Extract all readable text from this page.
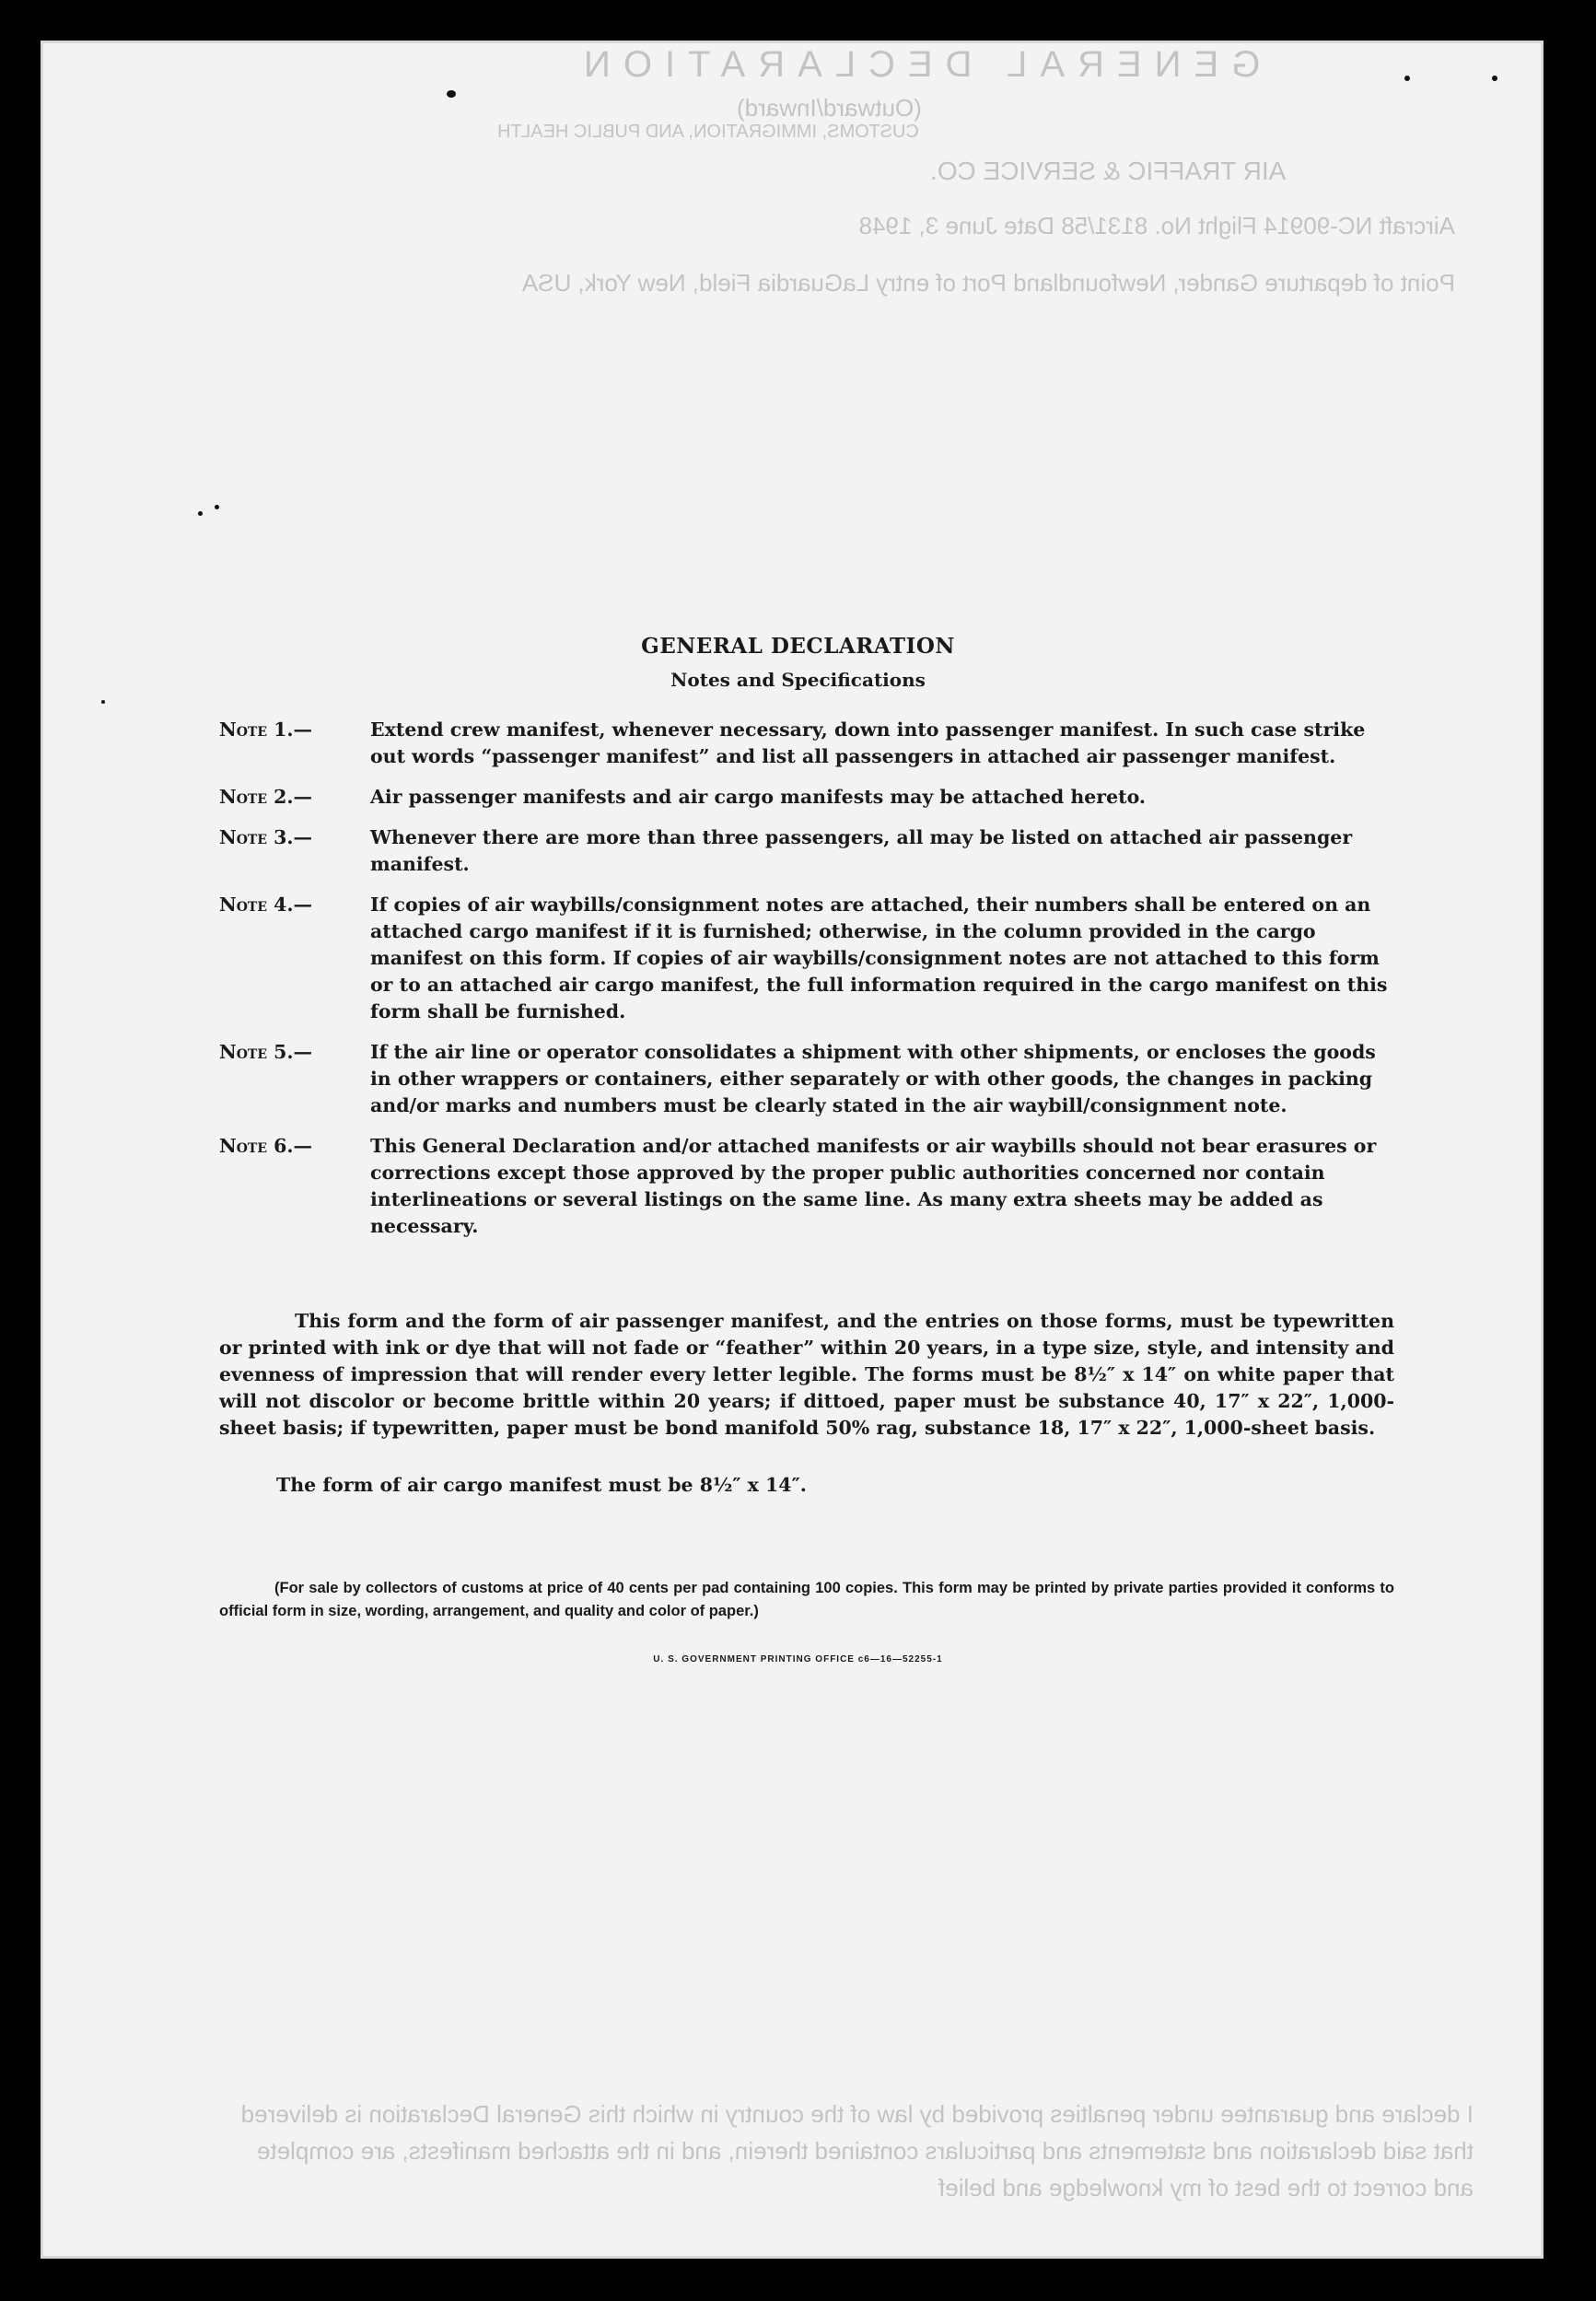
GENERAL DECLARATION
(Outward/Inward)
CUSTOMS, IMMIGRATION, AND PUBLIC HEALTH
AIR TRAFFIC & SERVICE CO.
Aircraft NC-90914 Flight No. 8131/58 Date June 3, 1948
Point of departure Gander, Newfoundland Port of entry LaGuardia Field, New York, USA
I declare and guarantee under penalties provided by law of the country in which this General Declaration is delivered
that said declaration and statements and particulars contained therein, and in the attached manifests, are complete
and correct to the best of my knowledge and belief
GENERAL DECLARATION
Notes and Specifications
Note 1.—	Extend crew manifest, whenever necessary, down into passenger manifest. In such case strike out words “passenger manifest” and list all passengers in attached air passenger manifest.
Note 2.—	Air passenger manifests and air cargo manifests may be attached hereto.
Note 3.—	Whenever there are more than three passengers, all may be listed on attached air passenger manifest.
Note 4.—	If copies of air waybills/consignment notes are attached, their numbers shall be entered on an attached cargo manifest if it is furnished; otherwise, in the column provided in the cargo manifest on this form. If copies of air waybills/consignment notes are not attached to this form or to an attached air cargo manifest, the full information required in the cargo manifest on this form shall be furnished.
Note 5.—	If the air line or operator consolidates a shipment with other shipments, or encloses the goods in other wrappers or containers, either separately or with other goods, the changes in packing and/or marks and numbers must be clearly stated in the air waybill/consignment note.
Note 6.—	This General Declaration and/or attached manifests or air waybills should not bear erasures or corrections except those approved by the proper public authorities concerned nor contain interlineations or several listings on the same line. As many extra sheets may be added as necessary.
This form and the form of air passenger manifest, and the entries on those forms, must be typewritten or printed with ink or dye that will not fade or “feather” within 20 years, in a type size, style, and intensity and evenness of impression that will render every letter legible. The forms must be 8½″ x 14″ on white paper that will not discolor or become brittle within 20 years; if dittoed, paper must be substance 40, 17″ x 22″, 1,000-sheet basis; if typewritten, paper must be bond manifold 50% rag, substance 18, 17″ x 22″, 1,000-sheet basis.
The form of air cargo manifest must be 8½″ x 14″.
(For sale by collectors of customs at price of 40 cents per pad containing 100 copies. This form may be printed by private parties provided it conforms to official form in size, wording, arrangement, and quality and color of paper.)
U. S. GOVERNMENT PRINTING OFFICE c6—16—52255-1
